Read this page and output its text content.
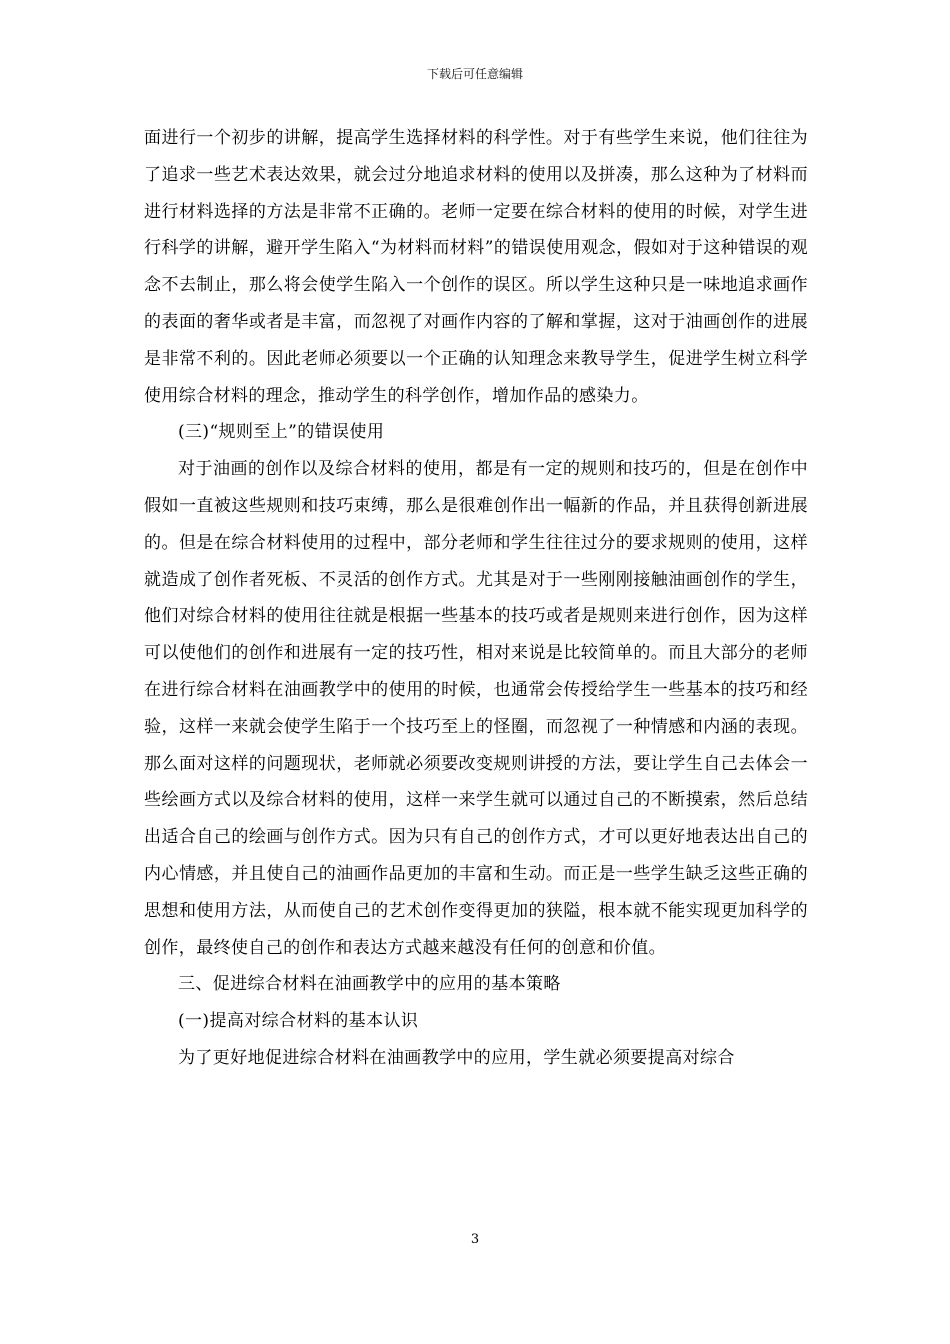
下载后可任意编辑

面进行一个初步的讲解，提高学生选择材料的科学性。对于有些学生来说，他们往往为了追求一些艺术表达效果，就会过分地追求材料的使用以及拼凑，那么这种为了材料而进行材料选择的方法是非常不正确的。老师一定要在综合材料的使用的时候，对学生进行科学的讲解，避开学生陷入“为材料而材料”的错误使用观念，假如对于这种错误的观念不去制止，那么将会使学生陷入一个创作的误区。所以学生这种只是一味地追求画作的表面的奢华或者是丰富，而忽视了对画作内容的了解和掌握，这对于油画创作的进展是非常不利的。因此老师必须要以一个正确的认知理念来教导学生，促进学生树立科学使用综合材料的理念，推动学生的科学创作，增加作品的感染力。

(三)“规则至上”的错误使用

对于油画的创作以及综合材料的使用，都是有一定的规则和技巧的，但是在创作中假如一直被这些规则和技巧束缚，那么是很难创作出一幅新的作品，并且获得创新进展的。但是在综合材料使用的过程中，部分老师和学生往往过分的要求规则的使用，这样就造成了创作者死板、不灵活的创作方式。尤其是对于一些刚刚接触油画创作的学生，他们对综合材料的使用往往就是根据一些基本的技巧或者是规则来进行创作，因为这样可以使他们的创作和进展有一定的技巧性，相对来说是比较简单的。而且大部分的老师在进行综合材料在油画教学中的使用的时候，也通常会传授给学生一些基本的技巧和经验，这样一来就会使学生陷于一个技巧至上的怪圈，而忽视了一种情感和内涵的表现。那么面对这样的问题现状，老师就必须要改变规则讲授的方法，要让学生自己去体会一些绘画方式以及综合材料的使用，这样一来学生就可以通过自己的不断摸索，然后总结出适合自己的绘画与创作方式。因为只有自己的创作方式，才可以更好地表达出自己的内心情感，并且使自己的油画作品更加的丰富和生动。而正是一些学生缺乏这些正确的思想和使用方法，从而使自己的艺术创作变得更加的狭隘，根本就不能实现更加科学的创作，最终使自己的创作和表达方式越来越没有任何的创意和价值。

三、促进综合材料在油画教学中的应用的基本策略

(一)提高对综合材料的基本认识

为了更好地促进综合材料在油画教学中的应用，学生就必须要提高对综合

3
